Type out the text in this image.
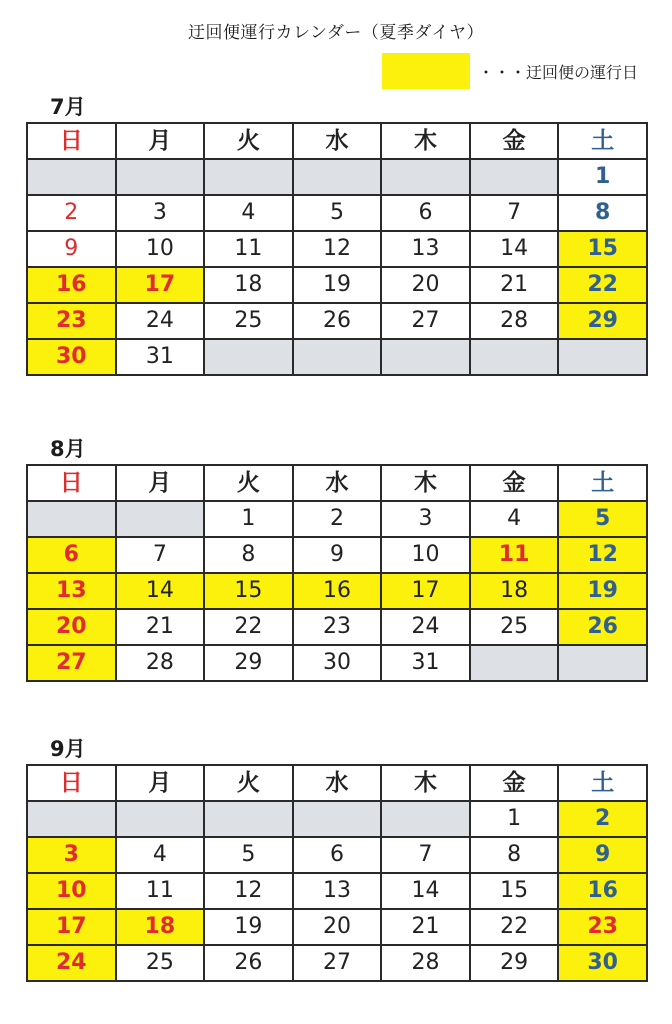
迂回便運行カレンダー（夏季ダイヤ）
・・・迂回便の運行日
7月
日	月	火	水	木	金	土
						1
2	3	4	5	6	7	8
9	10	11	12	13	14	15
16	17	18	19	20	21	22
23	24	25	26	27	28	29
30	31					
8月
日	月	火	水	木	金	土
		1	2	3	4	5
6	7	8	9	10	11	12
13	14	15	16	17	18	19
20	21	22	23	24	25	26
27	28	29	30	31		
9月
日	月	火	水	木	金	土
					1	2
3	4	5	6	7	8	9
10	11	12	13	14	15	16
17	18	19	20	21	22	23
24	25	26	27	28	29	30
